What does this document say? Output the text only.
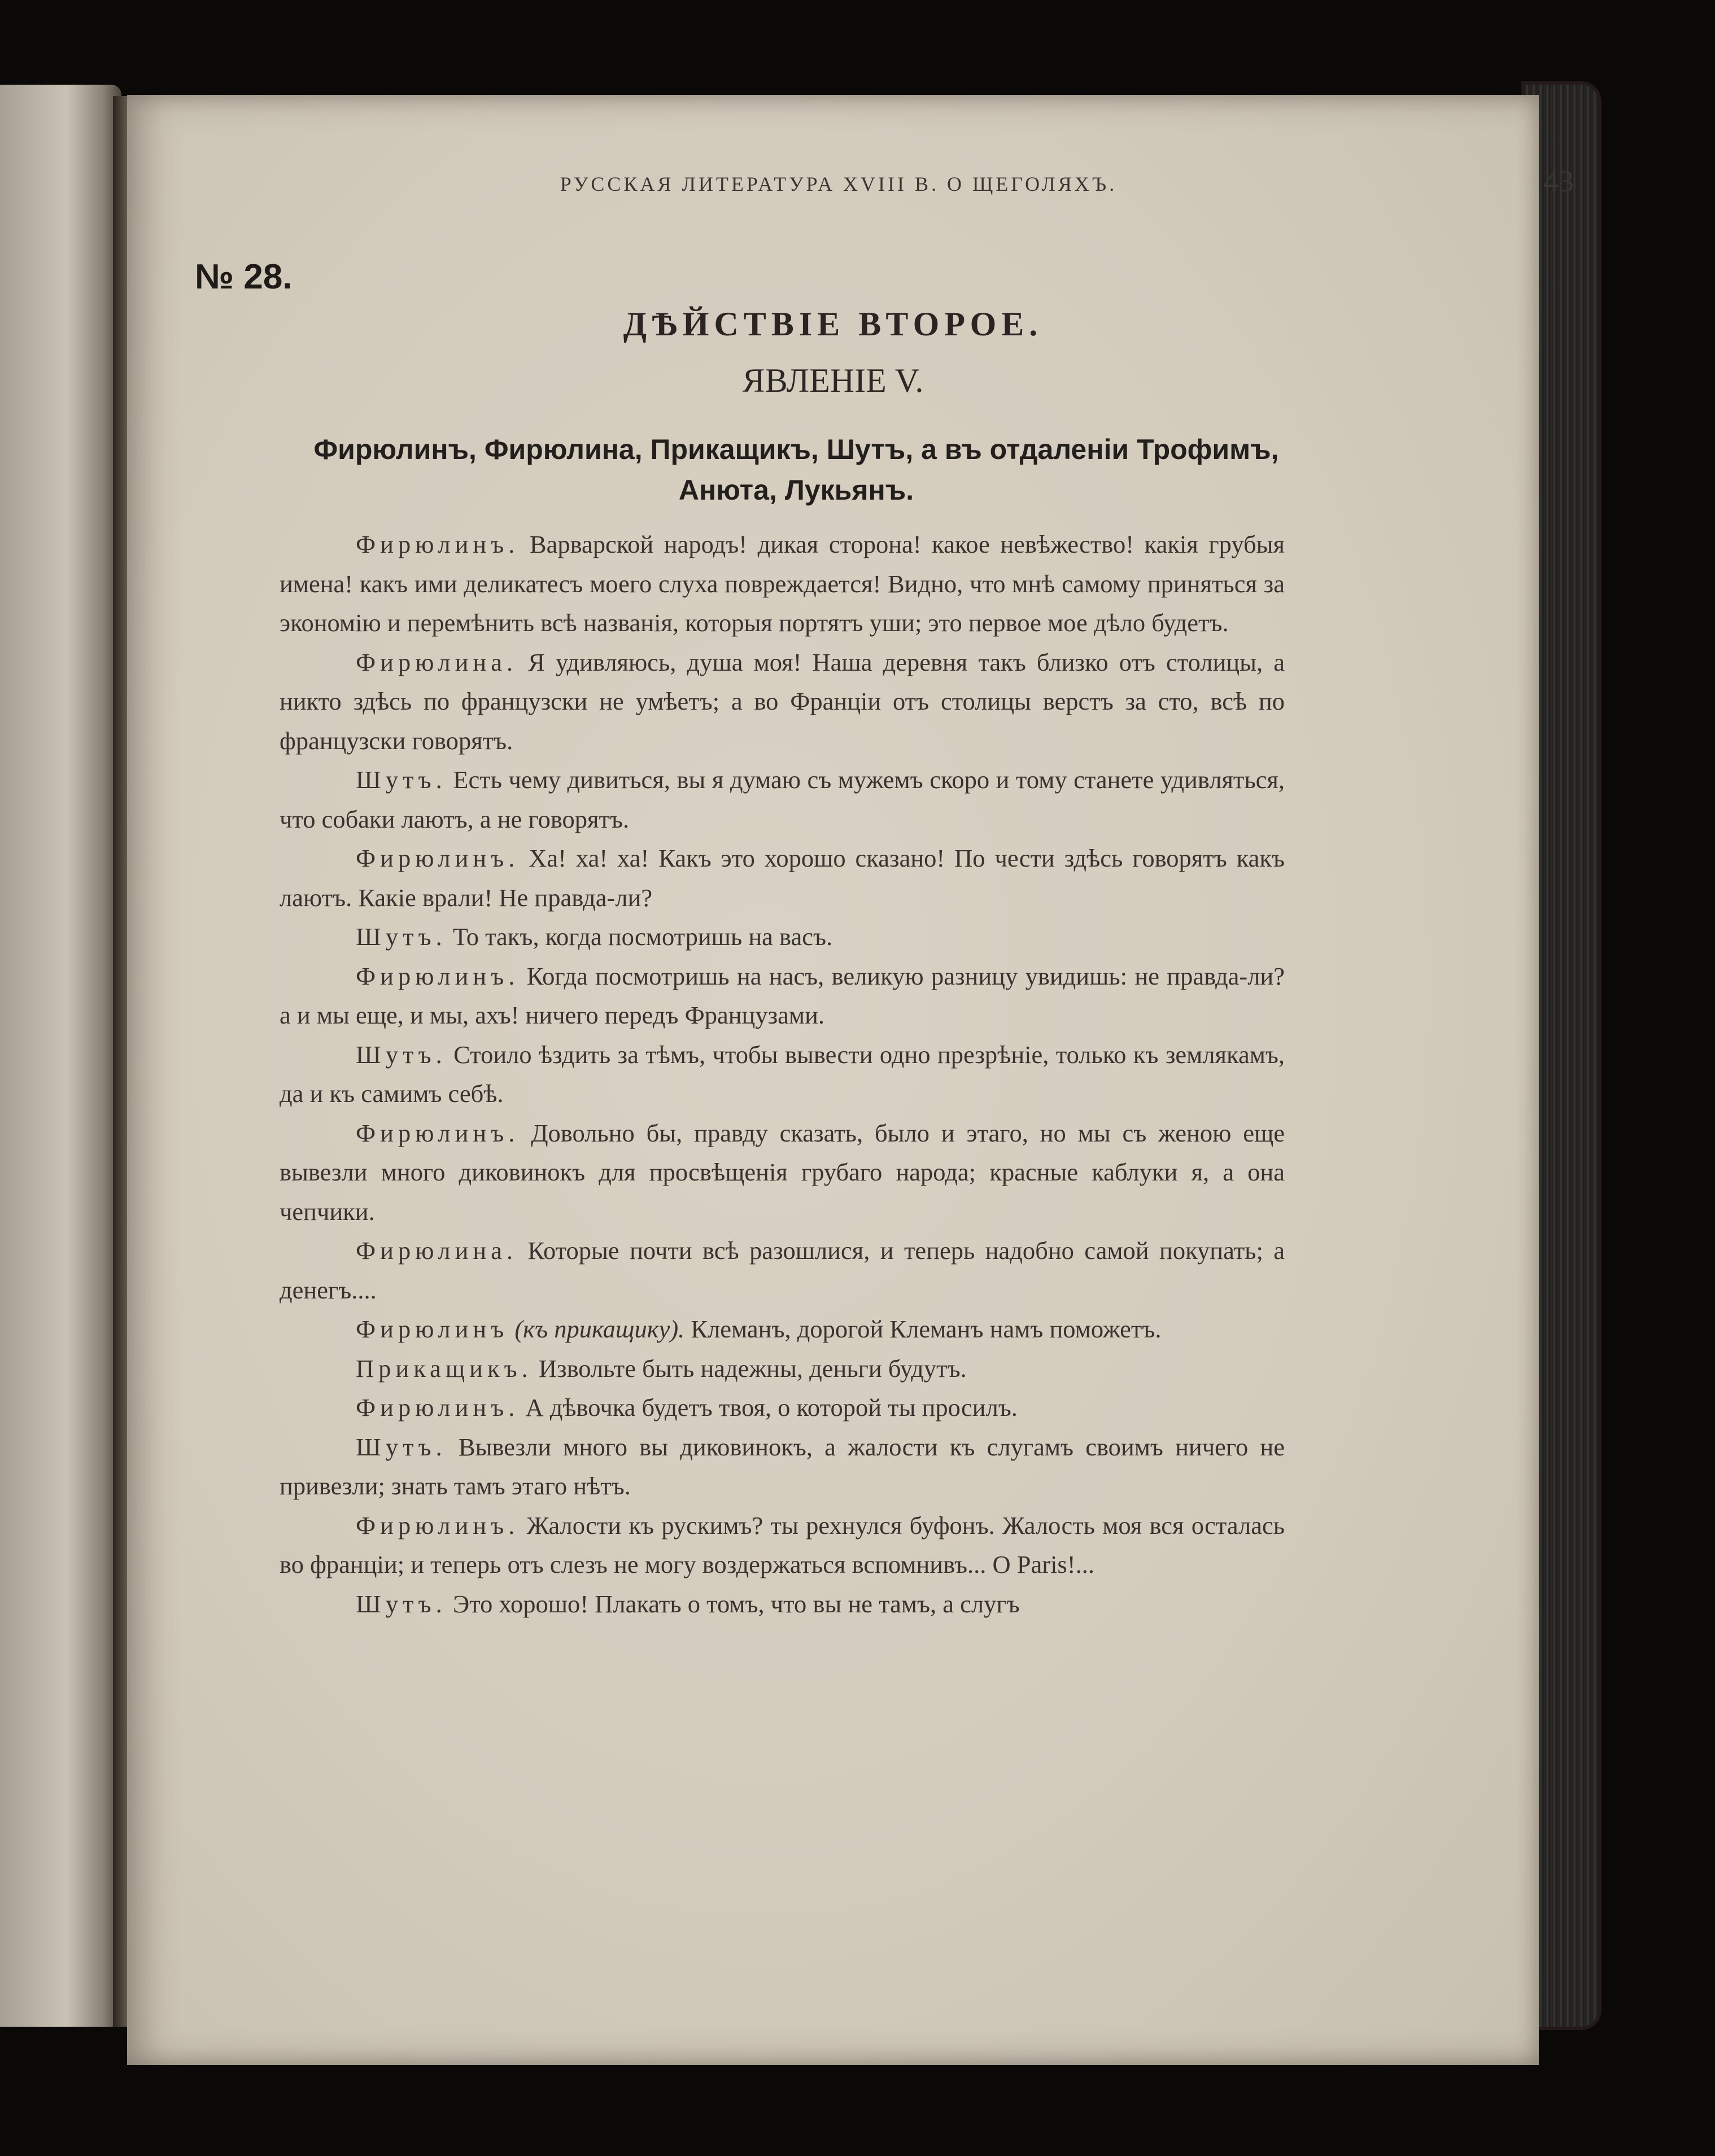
РУССКАЯ ЛИТЕРАТУРА XVIII В. О ЩЕГОЛЯХЪ.	43
№ 28.
ДѢЙСТВІЕ ВТОРОЕ.
ЯВЛЕНІЕ V.
Фирюлинъ, Фирюлина, Прикащикъ, Шутъ, а въ отдаленіи Трофимъ, Анюта, Лукьянъ.

Фирюлинъ. Варварской народъ! дикая сторона! какое невѣжество! какія грубыя имена! какъ ими деликатесъ моего слуха повреждается! Видно, что мнѣ самому приняться за экономію и перемѣнить всѣ названія, которыя портятъ уши; это первое мое дѣло будетъ.

Фирюлина. Я удивляюсь, душа моя! Наша деревня такъ близко отъ столицы, а никто здѣсь по французски не умѣетъ; а во Франціи отъ столицы верстъ за сто, всѣ по французски говорятъ.

Шутъ. Есть чему дивиться, вы я думаю съ мужемъ скоро и тому станете удивляться, что собаки лаютъ, а не говорятъ.

Фирюлинъ. Ха! ха! ха! Какъ это хорошо сказано! По чести здѣсь говорятъ какъ лаютъ. Какіе врали! Не правда-ли?

Шутъ. То такъ, когда посмотришь на васъ.

Фирюлинъ. Когда посмотришь на насъ, великую разницу увидишь: не правда-ли? а и мы еще, и мы, ахъ! ничего передъ Французами.

Шутъ. Стоило ѣздить за тѣмъ, чтобы вывести одно презрѣніе, только къ землякамъ, да и къ самимъ себѣ.

Фирюлинъ. Довольно бы, правду сказать, было и этаго, но мы съ женою еще вывезли много диковинокъ для просвѣщенія грубаго народа; красные каблуки я, а она чепчики.

Фирюлина. Которые почти всѣ разошлися, и теперь надобно самой покупать; а денегъ....

Фирюлинъ (къ прикащику). Клеманъ, дорогой Клеманъ намъ поможетъ.

Прикащикъ. Извольте быть надежны, деньги будутъ.

Фирюлинъ. А дѣвочка будетъ твоя, о которой ты просилъ.

Шутъ. Вывезли много вы диковинокъ, а жалости къ слугамъ своимъ ничего не привезли; знать тамъ этаго нѣтъ.

Фирюлинъ. Жалости къ рускимъ? ты рехнулся буфонъ. Жалость моя вся осталась во франціи; и теперь отъ слезъ не могу воздержаться вспомнивъ... О Paris!...

Шутъ. Это хорошо! Плакать о томъ, что вы не тамъ, а слугъ
